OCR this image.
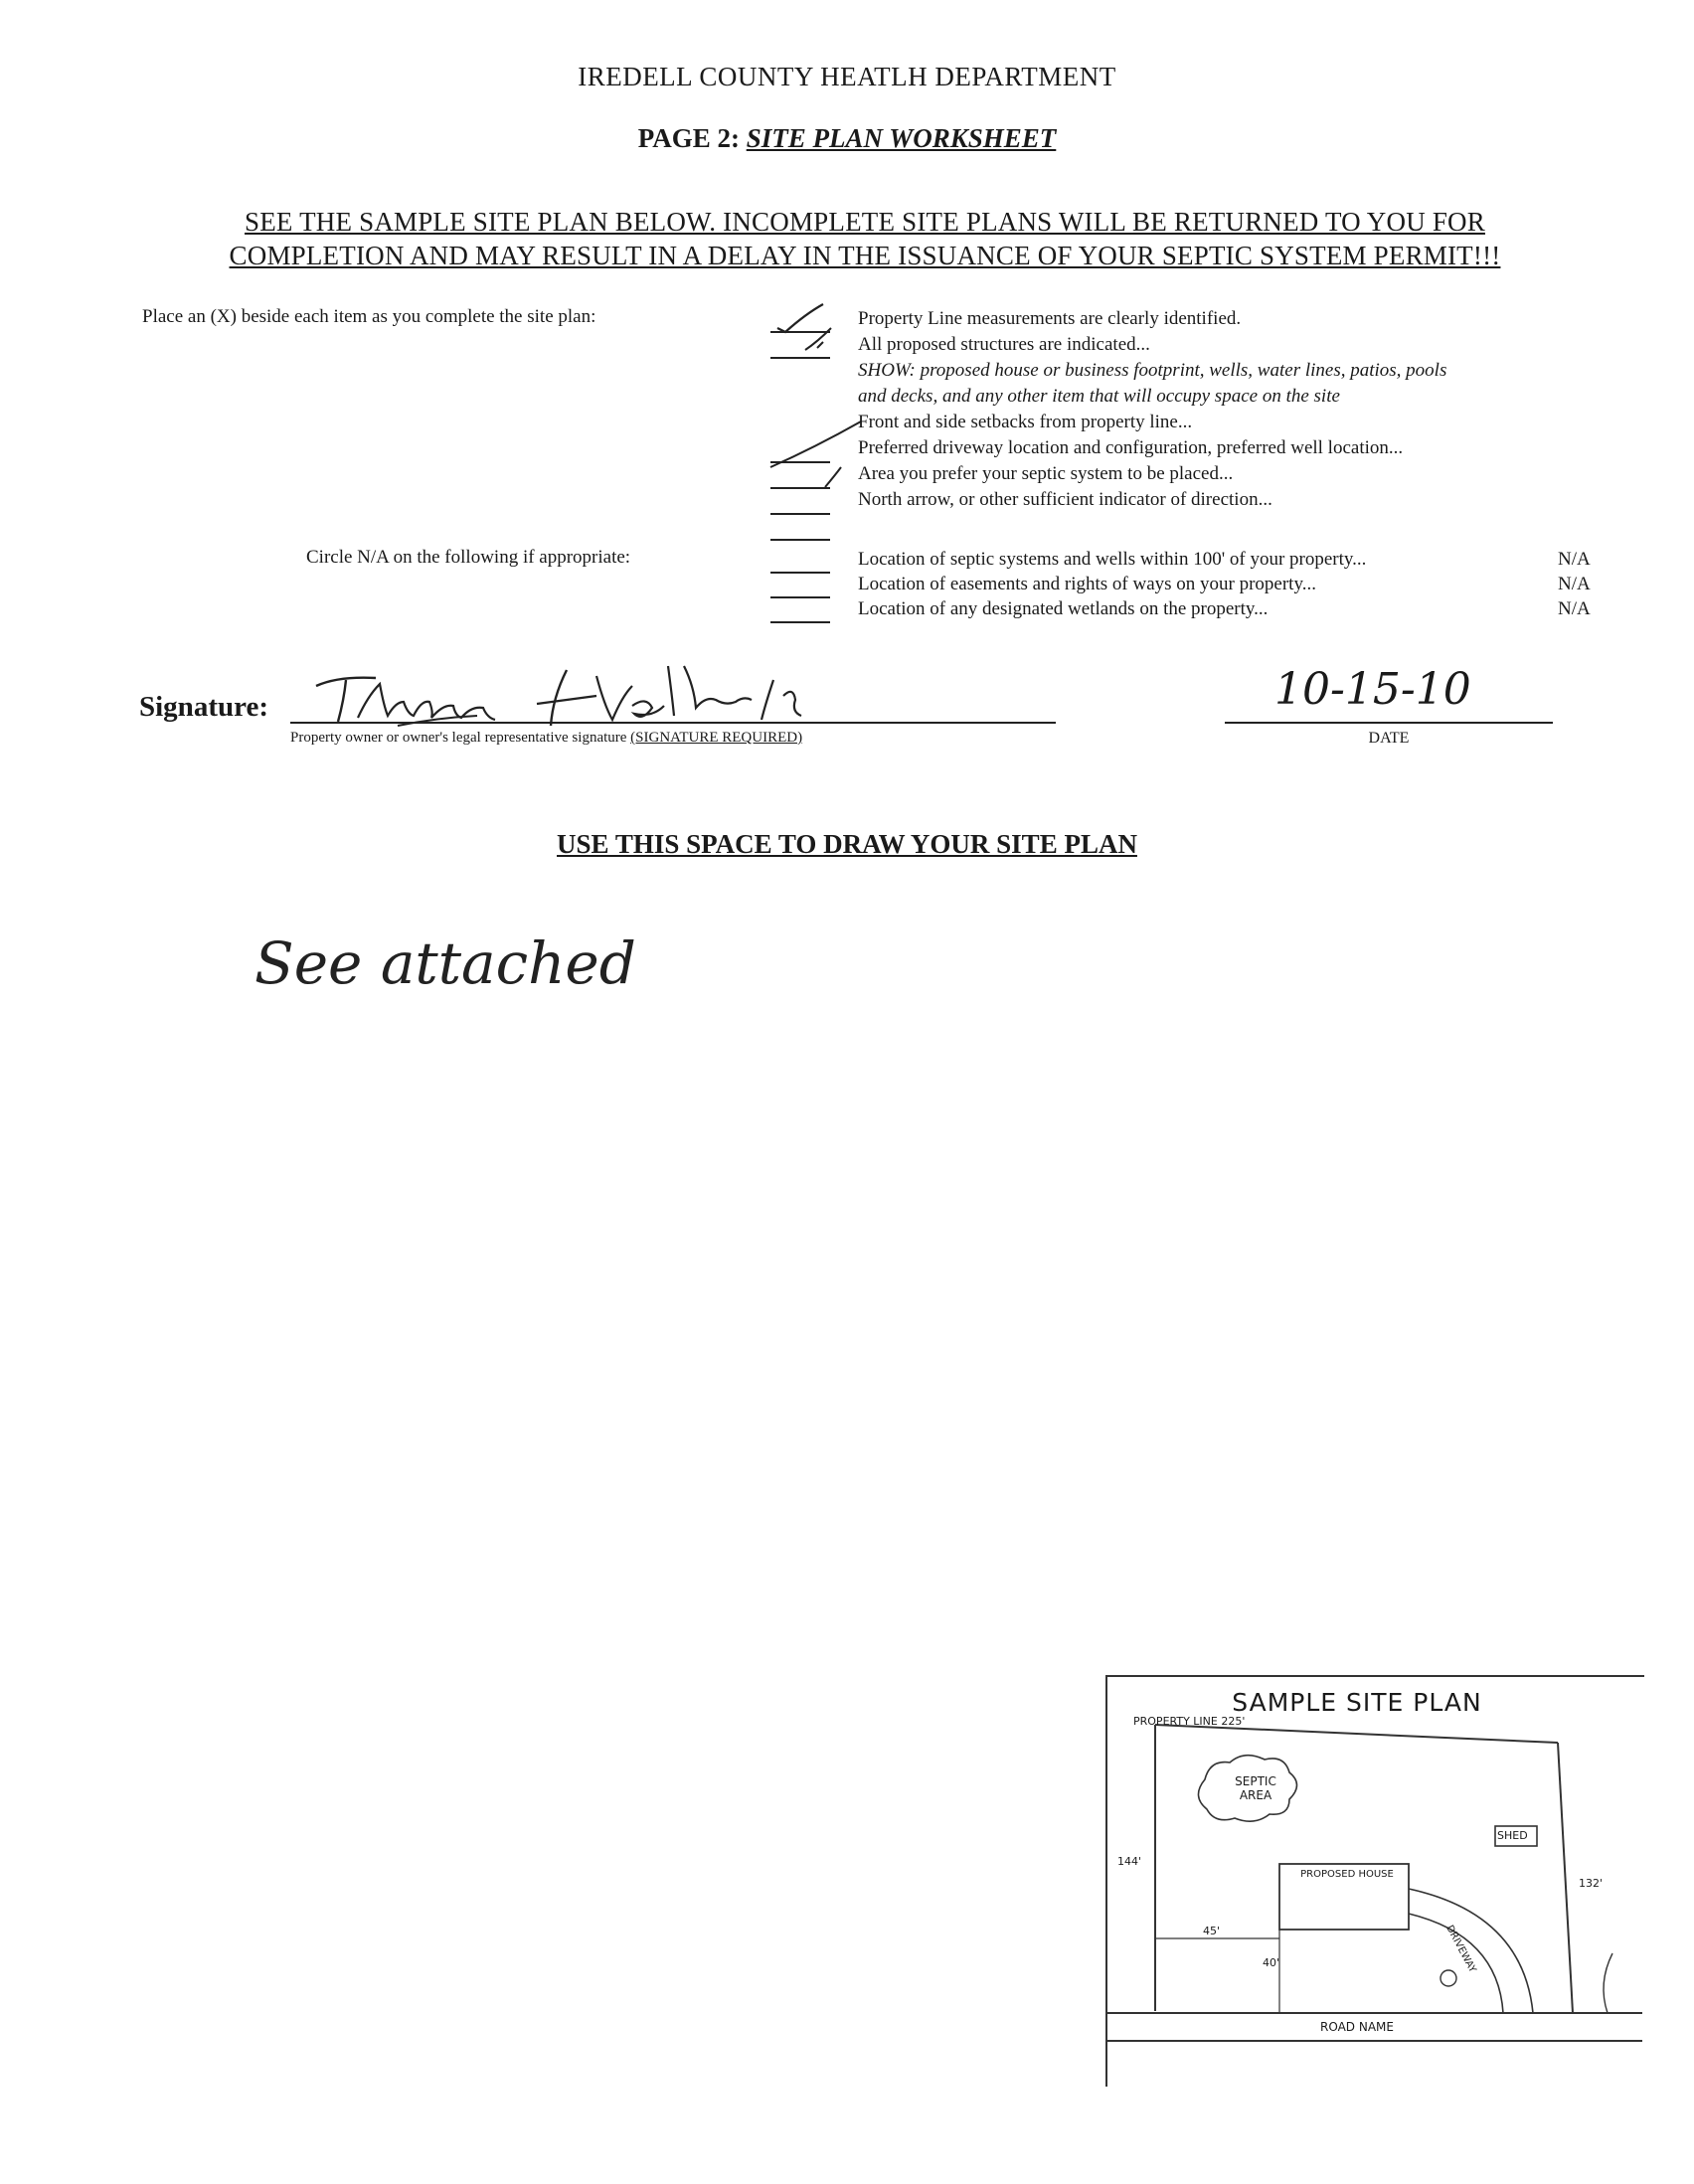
IREDELL COUNTY HEATLH DEPARTMENT
PAGE 2: SITE PLAN WORKSHEET
SEE THE SAMPLE SITE PLAN BELOW. INCOMPLETE SITE PLANS WILL BE RETURNED TO YOU FOR
COMPLETION AND MAY RESULT IN A DELAY IN THE ISSUANCE OF YOUR SEPTIC SYSTEM PERMIT!!!
Place an (X) beside each item as you complete the site plan:	Property Line measurements are clearly identified.
All proposed structures are indicated...
SHOW: proposed house or business footprint, wells, water lines, patios, pools
and decks, and any other item that will occupy space on the site
Front and side setbacks from property line...
Preferred driveway location and configuration, preferred well location...
Area you prefer your septic system to be placed...
North arrow, or other sufficient indicator of direction...
Circle N/A on the following if appropriate:	Location of septic systems and wells within 100' of your property...
Location of easements and rights of ways on your property...
Location of any designated wetlands on the property...
N/A
N/A
N/A
Signature:
Property owner or owner's legal representative signature (SIGNATURE REQUIRED)
10-15-10
DATE
USE THIS SPACE TO DRAW YOUR SITE PLAN
See attached
SAMPLE SITE PLAN
PROPERTY LINE 225'
SEPTIC AREA
SHED
PROPOSED HOUSE
144'
132'
45'
40'
ROAD NAME
DRIVEWAY
